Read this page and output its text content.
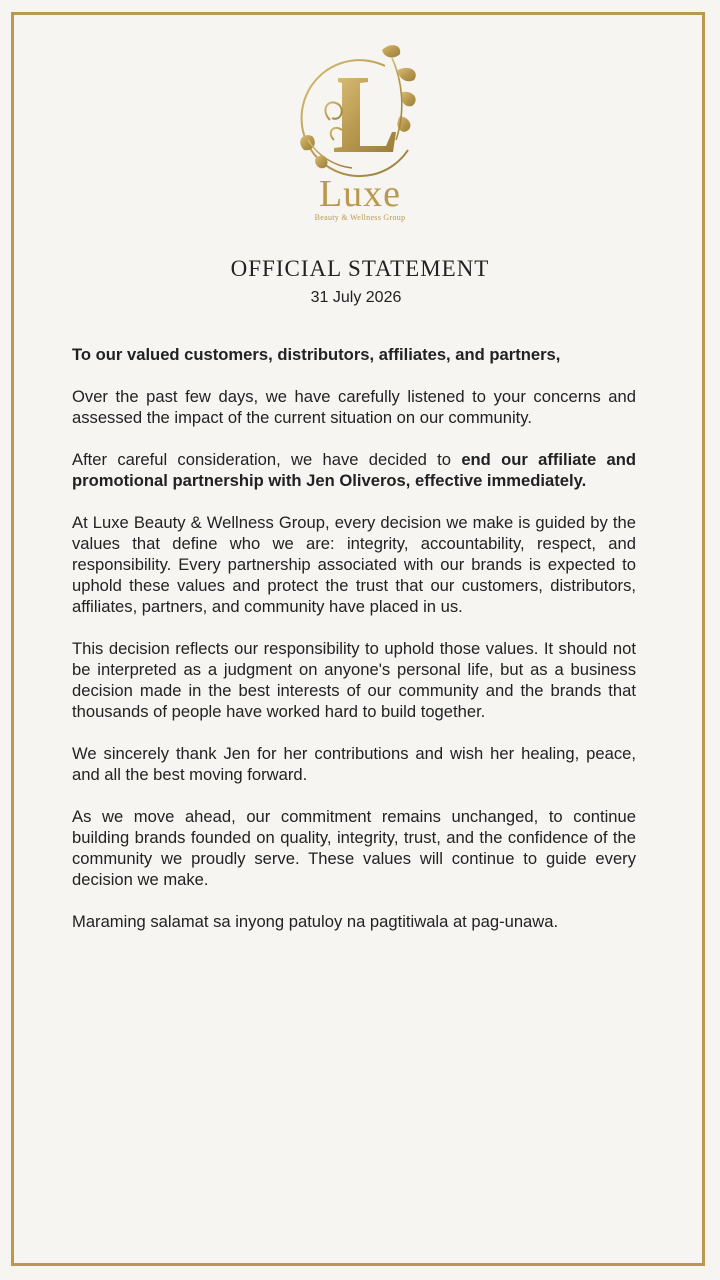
Luxe
Beauty & Wellness Group
OFFICIAL STATEMENT
31 July 2026

To our valued customers, distributors, affiliates, and partners,

Over the past few days, we have carefully listened to your concerns and assessed the impact of the current situation on our community.

After careful consideration, we have decided to end our affiliate and promotional partnership with Jen Oliveros, effective immediately.

At Luxe Beauty & Wellness Group, every decision we make is guided by the values that define who we are: integrity, accountability, respect, and responsibility. Every partnership associated with our brands is expected to uphold these values and protect the trust that our customers, distributors, affiliates, partners, and community have placed in us.

This decision reflects our responsibility to uphold those values. It should not be interpreted as a judgment on anyone's personal life, but as a business decision made in the best interests of our community and the brands that thousands of people have worked hard to build together.

We sincerely thank Jen for her contributions and wish her healing, peace, and all the best moving forward.

As we move ahead, our commitment remains unchanged, to continue building brands founded on quality, integrity, trust, and the confidence of the community we proudly serve. These values will continue to guide every decision we make.

Maraming salamat sa inyong patuloy na pagtitiwala at pag-unawa.
